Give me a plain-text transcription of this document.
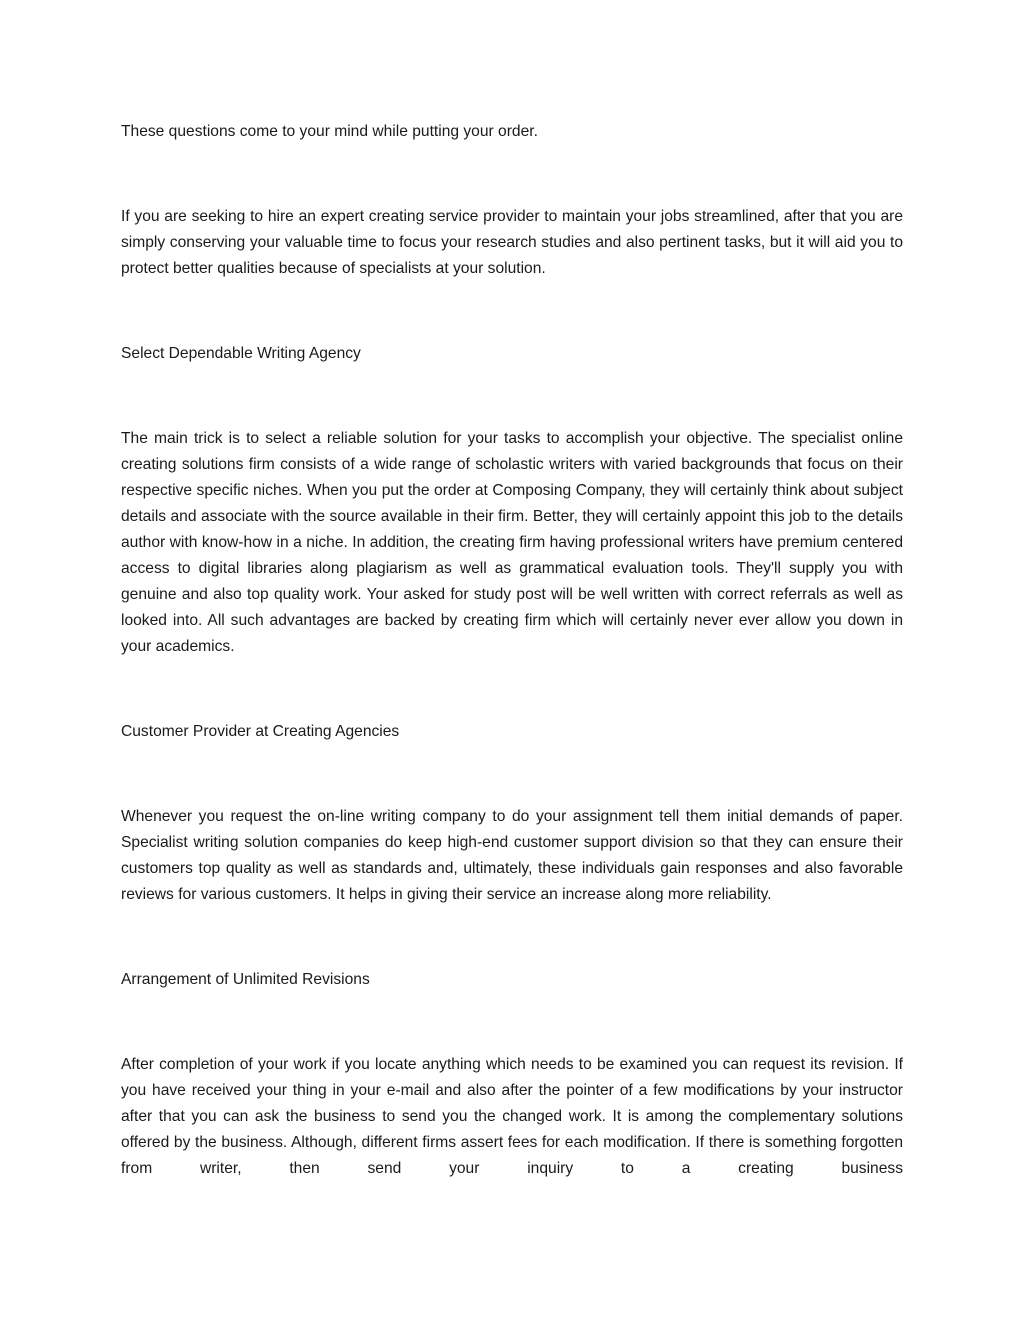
These questions come to your mind while putting your order.

If you are seeking to hire an expert creating service provider to maintain your jobs streamlined, after that you are simply conserving your valuable time to focus your research studies and also pertinent tasks, but it will aid you to protect better qualities because of specialists at your solution.

Select Dependable Writing Agency

The main trick is to select a reliable solution for your tasks to accomplish your objective. The specialist online creating solutions firm consists of a wide range of scholastic writers with varied backgrounds that focus on their respective specific niches. When you put the order at Composing Company, they will certainly think about subject details and associate with the source available in their firm. Better, they will certainly appoint this job to the details author with know-how in a niche. In addition, the creating firm having professional writers have premium centered access to digital libraries along plagiarism as well as grammatical evaluation tools. They'll supply you with genuine and also top quality work. Your asked for study post will be well written with correct referrals as well as looked into. All such advantages are backed by creating firm which will certainly never ever allow you down in your academics.

Customer Provider at Creating Agencies

Whenever you request the on-line writing company to do your assignment tell them initial demands of paper. Specialist writing solution companies do keep high-end customer support division so that they can ensure their customers top quality as well as standards and, ultimately, these individuals gain responses and also favorable reviews for various customers. It helps in giving their service an increase along more reliability.

Arrangement of Unlimited Revisions

After completion of your work if you locate anything which needs to be examined you can request its revision. If you have received your thing in your e-mail and also after the pointer of a few modifications by your instructor after that you can ask the business to send you the changed work. It is among the complementary solutions offered by the business. Although, different firms assert fees for each modification. If there is something forgotten from writer, then send your inquiry to a creating business
